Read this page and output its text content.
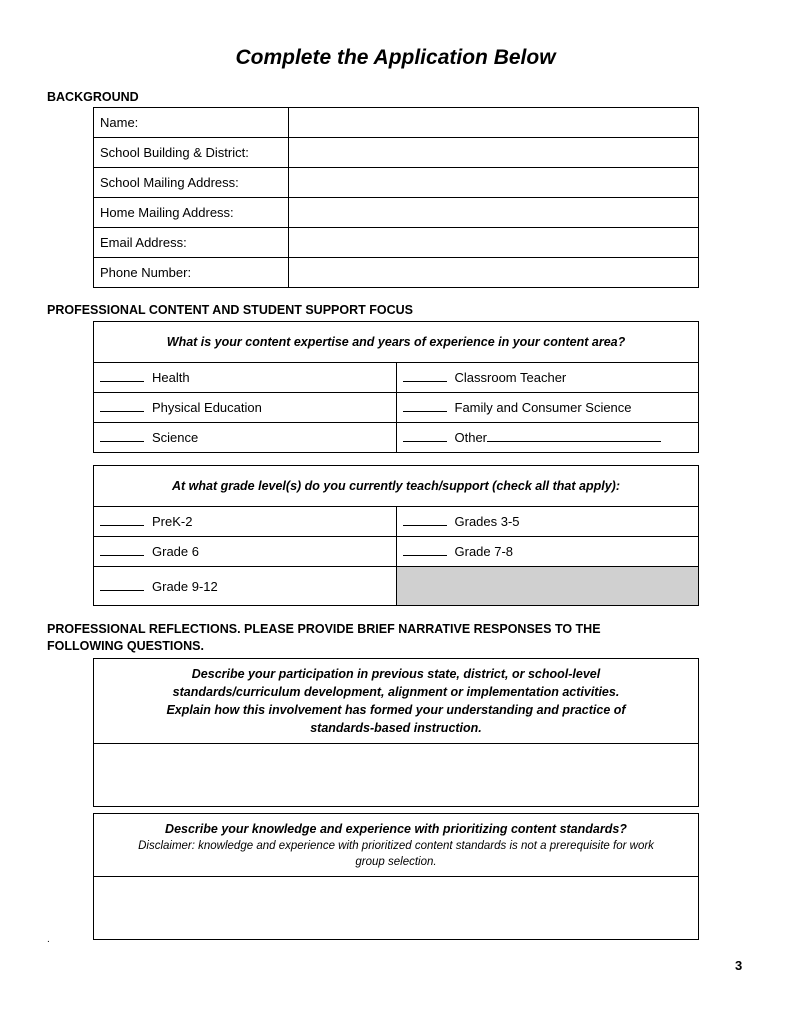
Complete the Application Below
BACKGROUND
Name:	
School Building & District:	
School Mailing Address:	
Home Mailing Address:	
Email Address:	
Phone Number:	
PROFESSIONAL CONTENT AND STUDENT SUPPORT FOCUS
What is your content expertise and years of experience in your content area?	
Health	Classroom Teacher
Physical Education	Family and Consumer Science
Science	Other
At what grade level(s) do you currently teach/support (check all that apply):	
PreK-2	Grades 3-5
Grade 6	Grade 7-8
Grade 9-12	
PROFESSIONAL REFLECTIONS. PLEASE PROVIDE BRIEF NARRATIVE RESPONSES TO THE
FOLLOWING QUESTIONS.
Describe your participation in previous state, district, or school-level
standards/curriculum development, alignment or implementation activities.
Explain how this involvement has formed your understanding and practice of
standards-based instruction.

Describe your knowledge and experience with prioritizing content standards?
Disclaimer: knowledge and experience with prioritized content standards is not a prerequisite for work
group selection.

.
3
